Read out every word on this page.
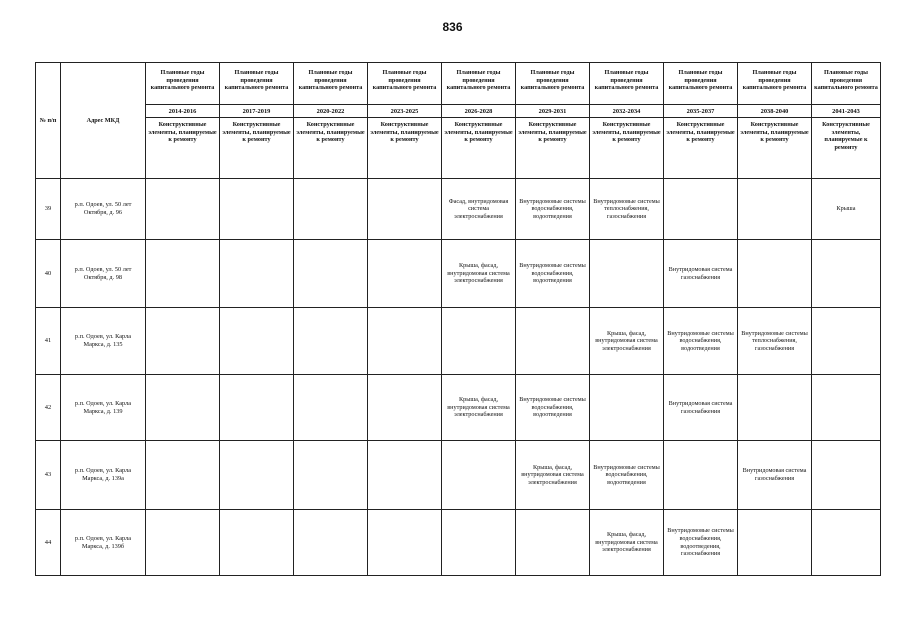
836
№ п/п	Адрес МКД	Плановые годы проведения капитального ремонта	Плановые годы проведения капитального ремонта	Плановые годы проведения капитального ремонта	Плановые годы проведения капитального ремонта	Плановые годы проведения капитального ремонта	Плановые годы проведения капитального ремонта	Плановые годы проведения капитального ремонта	Плановые годы проведения капитального ремонта	Плановые годы проведения капитального ремонта	Плановые годы проведения капитального ремонта
		2014-2016	2017-2019	2020-2022	2023-2025	2026-2028	2029-2031	2032-2034	2035-2037	2038-2040	2041-2043
		Конструктивные элементы, планируемые к ремонту	Конструктивные элементы, планируемые к ремонту	Конструктивные элементы, планируемые к ремонту	Конструктивные элементы, планируемые к ремонту	Конструктивные элементы, планируемые к ремонту	Конструктивные элементы, планируемые к ремонту	Конструктивные элементы, планируемые к ремонту	Конструктивные элементы, планируемые к ремонту	Конструктивные элементы, планируемые к ремонту	Конструктивные элементы, планируемые к ремонту
39	р.п. Одоев, ул. 50 лет Октября, д. 96					Фасад, внутридомовая система электроснабжения	Внутридомовые системы водоснабжения, водоотведения	Внутридомовые системы теплоснабжения, газоснабжения			Крыша
40	р.п. Одоев, ул. 50 лет Октября, д. 98					Крыша, фасад, внутридомовая система электроснабжения	Внутридомовые системы водоснабжения, водоотведения		Внутридомовая система газоснабжения		
41	р.п. Одоев, ул. Карла Маркса, д. 135							Крыша, фасад, внутридомовая система электроснабжения	Внутридомовые системы водоснабжения, водоотведения	Внутридомовые системы теплоснабжения, газоснабжения	
42	р.п. Одоев, ул. Карла Маркса, д. 139					Крыша, фасад, внутридомовая система электроснабжения	Внутридомовые системы водоснабжения, водоотведения		Внутридомовая система газоснабжения		
43	р.п. Одоев, ул. Карла Маркса, д. 139а						Крыша, фасад, внутридомовая система электроснабжения	Внутридомовые системы водоснабжения, водоотведения		Внутридомовая система газоснабжения	
44	р.п. Одоев, ул. Карла Маркса, д. 139б							Крыша, фасад, внутридомовая система электроснабжения	Внутридомовые системы водоснабжения, водоотведения, газоснабжения		
